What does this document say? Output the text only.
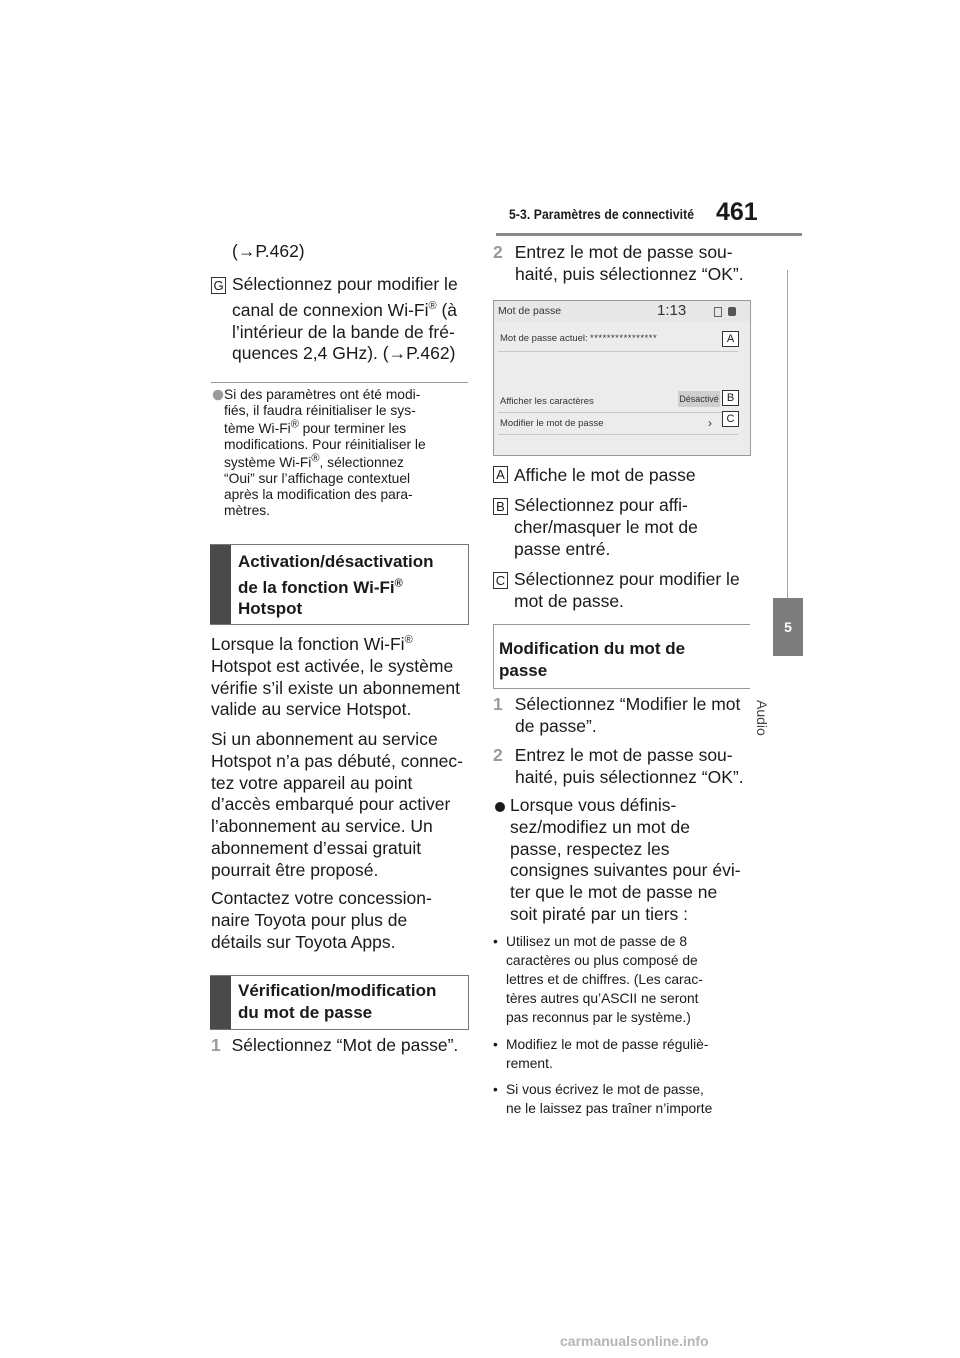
5-3. Paramètres de connectivité 461
5
Audio
(→P.462)
G Sélectionnez pour modifier le
canal de connexion Wi-Fi® (à
l’intérieur de la bande de fré-
quences 2,4 GHz). (→P.462)
Si des paramètres ont été modi-
fiés, il faudra réinitialiser le sys-
tème Wi-Fi® pour terminer les
modifications. Pour réinitialiser le
système Wi-Fi®, sélectionnez
“Oui” sur l’affichage contextuel
après la modification des para-
mètres.
Activation/désactivation
de la fonction Wi-Fi®
Hotspot
Lorsque la fonction Wi-Fi®
Hotspot est activée, le système
vérifie s’il existe un abonnement
valide au service Hotspot.
Si un abonnement au service
Hotspot n’a pas débuté, connec-
tez votre appareil au point
d’accès embarqué pour activer
l’abonnement au service. Un
abonnement d’essai gratuit
pourrait être proposé.
Contactez votre concession-
naire Toyota pour plus de
détails sur Toyota Apps.
Vérification/modification
du mot de passe
1 Sélectionnez “Mot de passe”.
2 Entrez le mot de passe sou-
haité, puis sélectionnez “OK”.
Mot de passe	1:13
Mot de passe actuel: ****************
Afficher les caractères	Désactivé
Modifier le mot de passe	›
A
B
C
A Affiche le mot de passe
B Sélectionnez pour affi-
cher/masquer le mot de
passe entré.
C Sélectionnez pour modifier le
mot de passe.
Modification du mot de
passe
1 Sélectionnez “Modifier le mot
de passe”.
2 Entrez le mot de passe sou-
haité, puis sélectionnez “OK”.
Lorsque vous définis-
sez/modifiez un mot de
passe, respectez les
consignes suivantes pour évi-
ter que le mot de passe ne
soit piraté par un tiers :
• Utilisez un mot de passe de 8
caractères ou plus composé de
lettres et de chiffres. (Les carac-
tères autres qu’ASCII ne seront
pas reconnus par le système.)
• Modifiez le mot de passe réguliè-
rement.
• Si vous écrivez le mot de passe,
ne le laissez pas traîner n’importe
carmanualsonline.info
